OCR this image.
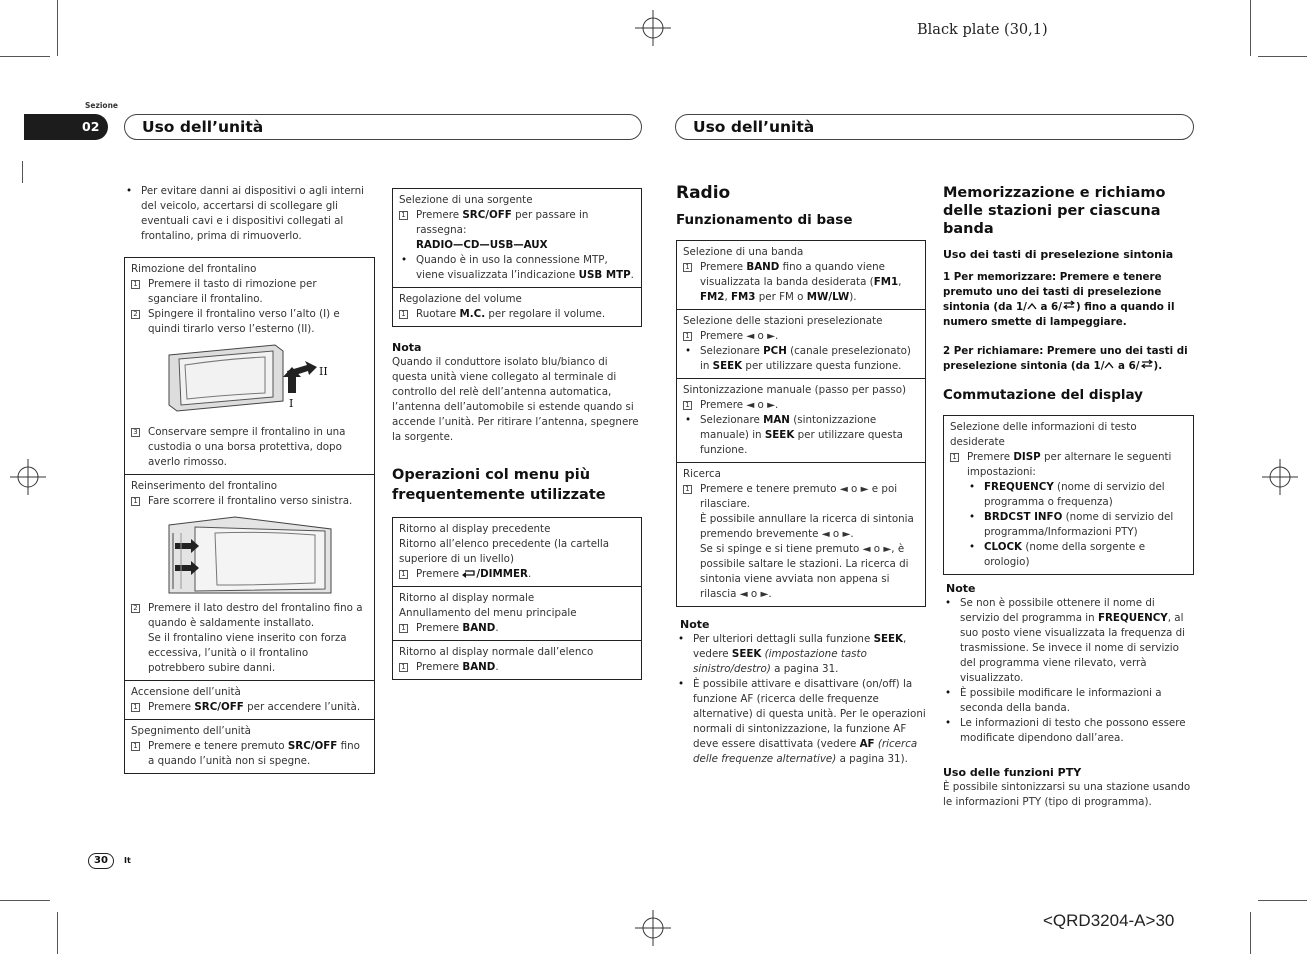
Black plate (30,1)
Sezione
02	Uso dell’unità	Uso dell’unità
• Per evitare danni ai dispositivi o agli interni del veicolo, accertarsi di scollegare gli eventuali cavi e i dispositivi collegati al frontalino, prima di rimuoverlo.
Rimozione del frontalino
1 Premere il tasto di rimozione per sganciare il frontalino.
2 Spingere il frontalino verso l’alto (I) e quindi tirarlo verso l’esterno (II).
II
I
3 Conservare sempre il frontalino in una custodia o una borsa protettiva, dopo averlo rimosso.
Reinserimento del frontalino
1 Fare scorrere il frontalino verso sinistra.
2 Premere il lato destro del frontalino fino a quando è saldamente installato.
Se il frontalino viene inserito con forza eccessiva, l’unità o il frontalino potrebbero subire danni.
Accensione dell’unità
1 Premere SRC/OFF per accendere l’unità.
Spegnimento dell’unità
1 Premere e tenere premuto SRC/OFF fino a quando l’unità non si spegne.
Selezione di una sorgente
1 Premere SRC/OFF per passare in rassegna:
RADIO—CD—USB—AUX
• Quando è in uso la connessione MTP, viene visualizzata l’indicazione USB MTP.
Regolazione del volume
1 Ruotare M.C. per regolare il volume.
Nota
Quando il conduttore isolato blu/bianco di questa unità viene collegato al terminale di controllo del relè dell’antenna automatica, l’antenna dell’automobile si estende quando si accende l’unità. Per ritirare l’antenna, spegnere la sorgente.
Operazioni col menu più frequentemente utilizzate
Ritorno al display precedente
Ritorno all’elenco precedente (la cartella superiore di un livello)
1 Premere /DIMMER.
Ritorno al display normale
Annullamento del menu principale
1 Premere BAND.
Ritorno al display normale dall’elenco
1 Premere BAND.
Radio
Funzionamento di base
Selezione di una banda
1 Premere BAND fino a quando viene visualizzata la banda desiderata (FM1, FM2, FM3 per FM o MW/LW).
Selezione delle stazioni preselezionate
1 Premere ◄ o ►.
• Selezionare PCH (canale preselezionato) in SEEK per utilizzare questa funzione.
Sintonizzazione manuale (passo per passo)
1 Premere ◄ o ►.
• Selezionare MAN (sintonizzazione manuale) in SEEK per utilizzare questa funzione.
Ricerca
1 Premere e tenere premuto ◄ o ► e poi rilasciare.
È possibile annullare la ricerca di sintonia premendo brevemente ◄ o ►.
Se si spinge e si tiene premuto ◄ o ►, è possibile saltare le stazioni. La ricerca di sintonia viene avviata non appena si rilascia ◄ o ►.
Note
• Per ulteriori dettagli sulla funzione SEEK, vedere SEEK (impostazione tasto sinistro/destro) a pagina 31.
• È possibile attivare e disattivare (on/off) la funzione AF (ricerca delle frequenze alternative) di questa unità. Per le operazioni normali di sintonizzazione, la funzione AF deve essere disattivata (vedere AF (ricerca delle frequenze alternative) a pagina 31).
Memorizzazione e richiamo delle stazioni per ciascuna banda
Uso dei tasti di preselezione sintonia
1 Per memorizzare: Premere e tenere premuto uno dei tasti di preselezione sintonia (da 1/ a 6/ ) fino a quando il numero smette di lampeggiare.
2 Per richiamare: Premere uno dei tasti di preselezione sintonia (da 1/ a 6/ ).
Commutazione del display
Selezione delle informazioni di testo desiderate
1 Premere DISP per alternare le seguenti impostazioni:
• FREQUENCY (nome di servizio del programma o frequenza)
• BRDCST INFO (nome di servizio del programma/Informazioni PTY)
• CLOCK (nome della sorgente e orologio)
Note
• Se non è possibile ottenere il nome di servizio del programma in FREQUENCY, al suo posto viene visualizzata la frequenza di trasmissione. Se invece il nome di servizio del programma viene rilevato, verrà visualizzato.
• È possibile modificare le informazioni a seconda della banda.
• Le informazioni di testo che possono essere modificate dipendono dall’area.
Uso delle funzioni PTY
È possibile sintonizzarsi su una stazione usando le informazioni PTY (tipo di programma).
30	It
<QRD3204-A>30
